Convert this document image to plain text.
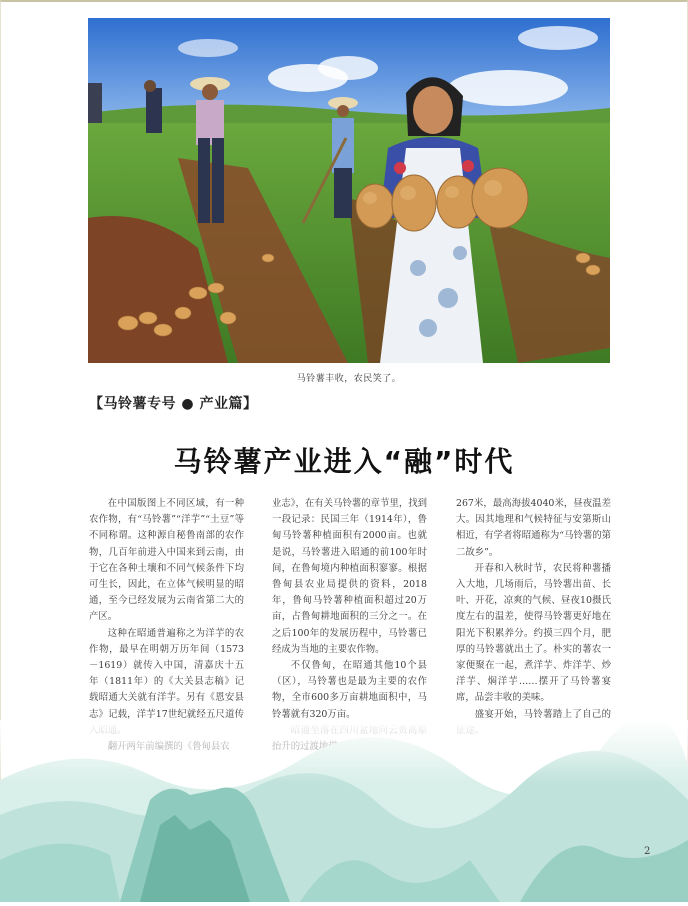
马铃薯丰收，农民笑了。
【马铃薯专号 ● 产业篇】
马铃薯产业进入“融”时代

在中国版图上不同区域，有一种农作物，有“马铃薯”“洋芋”“土豆”等不同称谓。这种源自秘鲁南部的农作物，几百年前进入中国来到云南，由于它在各种土壤和不同气候条件下均可生长，因此，在立体气候明显的昭通，至今已经发展为云南省第二大的产区。

这种在昭通普遍称之为洋芋的农作物，最早在明朝万历年间（1573－1619）就传入中国，清嘉庆十五年（1811年）的《大关县志稿》记载昭通大关就有洋芋。另有《恩安县志》记载，洋芋17世纪就经五尺道传

业志》，在有关马铃薯的章节里，找到一段记录：民国三年（1914年），鲁甸马铃薯种植面积有2000亩。也就是说，马铃薯进入昭通的前100年时间，在鲁甸境内种植面积寥寥。根据鲁甸县农业局提供的资料，2018年，鲁甸马铃薯种植面积超过20万亩，占鲁甸耕地面积的三分之一。在之后100年的发展历程中，马铃薯已经成为当地的主要农作物。

不仅鲁甸，在昭通其他10个县（区），马铃薯也是最为主要的农作物，全市600多万亩耕地面积中，马铃薯就有320万亩。

267米，最高海拔4040米，昼夜温差大。因其地理和气候特征与安第斯山相近，有学者将昭通称为“马铃薯的第二故乡”。

开春和入秋时节，农民将种薯播入大地，几场雨后，马铃薯出苗、长叶、开花，凉爽的气候、昼夜10摄氏度左右的温差，使得马铃薯更好地在阳光下积累养分。约摸三四个月，肥厚的马铃薯就出土了。朴实的薯农一家便聚在一起，煮洋芋、炸洋芋、炒洋芋、焖洋芋……摆开了马铃薯宴席，品尝丰收的美味。

盛宴开始，马铃薯踏上了自己的

2
